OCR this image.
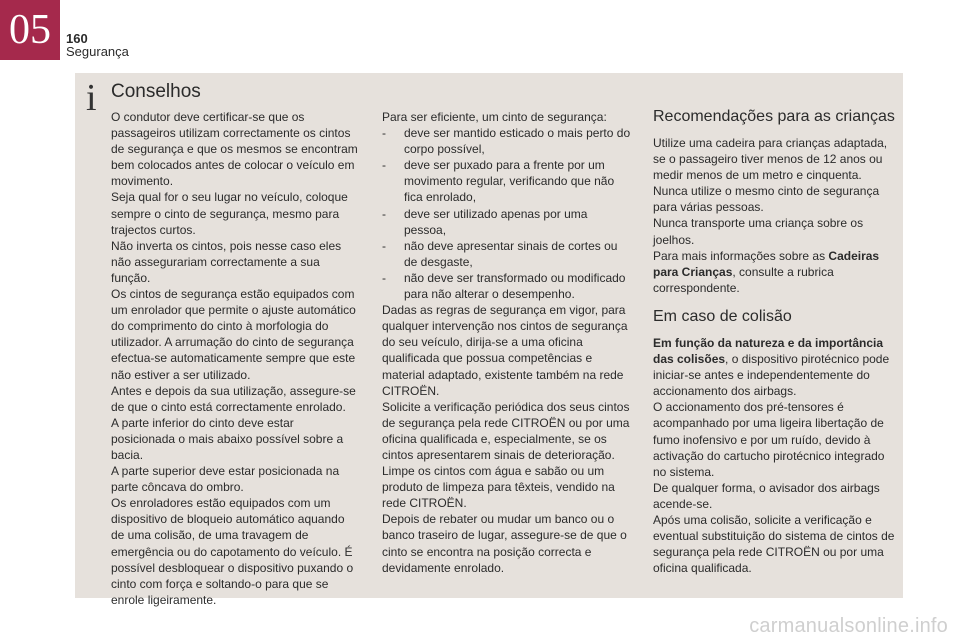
05	160
Segurança
i Conselhos

O condutor deve certificar-se que os passageiros utilizam correctamente os cintos de segurança e que os mesmos se encontram bem colocados antes de colocar o veículo em movimento.
Seja qual for o seu lugar no veículo, coloque sempre o cinto de segurança, mesmo para trajectos curtos.
Não inverta os cintos, pois nesse caso eles não assegurariam correctamente a sua função.
Os cintos de segurança estão equipados com um enrolador que permite o ajuste automático do comprimento do cinto à morfologia do utilizador. A arrumação do cinto de segurança efectua-se automaticamente sempre que este não estiver a ser utilizado.
Antes e depois da sua utilização, assegure-se de que o cinto está correctamente enrolado.
A parte inferior do cinto deve estar posicionada o mais abaixo possível sobre a bacia.
A parte superior deve estar posicionada na parte côncava do ombro.
Os enroladores estão equipados com um dispositivo de bloqueio automático aquando de uma colisão, de uma travagem de emergência ou do capotamento do veículo. É possível desbloquear o dispositivo puxando o cinto com força e soltando-o para que se enrole ligeiramente.

Para ser eficiente, um cinto de segurança:

-	deve ser mantido esticado o mais perto do corpo possível,
-	deve ser puxado para a frente por um movimento regular, verificando que não fica enrolado,
-	deve ser utilizado apenas por uma pessoa,
-	não deve apresentar sinais de cortes ou de desgaste,
-	não deve ser transformado ou modificado para não alterar o desempenho.

Dadas as regras de segurança em vigor, para qualquer intervenção nos cintos de segurança do seu veículo, dirija-se a uma oficina qualificada que possua competências e material adaptado, existente também na rede CITROËN.
Solicite a verificação periódica dos seus cintos de segurança pela rede CITROËN ou por uma oficina qualificada e, especialmente, se os cintos apresentarem sinais de deterioração.
Limpe os cintos com água e sabão ou um produto de limpeza para têxteis, vendido na rede CITROËN.
Depois de rebater ou mudar um banco ou o banco traseiro de lugar, assegure-se de que o cinto se encontra na posição correcta e devidamente enrolado.

Recomendações para as crianças

Utilize uma cadeira para crianças adaptada, se o passageiro tiver menos de 12 anos ou medir menos de um metro e cinquenta.
Nunca utilize o mesmo cinto de segurança para várias pessoas.
Nunca transporte uma criança sobre os joelhos.

Para mais informações sobre as Cadeiras para Crianças, consulte a rubrica correspondente.

Em caso de colisão

Em função da natureza e da importância das colisões, o dispositivo pirotécnico pode iniciar-se antes e independentemente do accionamento dos airbags.

O accionamento dos pré-tensores é acompanhado por uma ligeira libertação de fumo inofensivo e por um ruído, devido à activação do cartucho pirotécnico integrado no sistema.
De qualquer forma, o avisador dos airbags acende-se.
Após uma colisão, solicite a verificação e eventual substituição do sistema de cintos de segurança pela rede CITROËN ou por uma oficina qualificada.

carmanualsonline.info
